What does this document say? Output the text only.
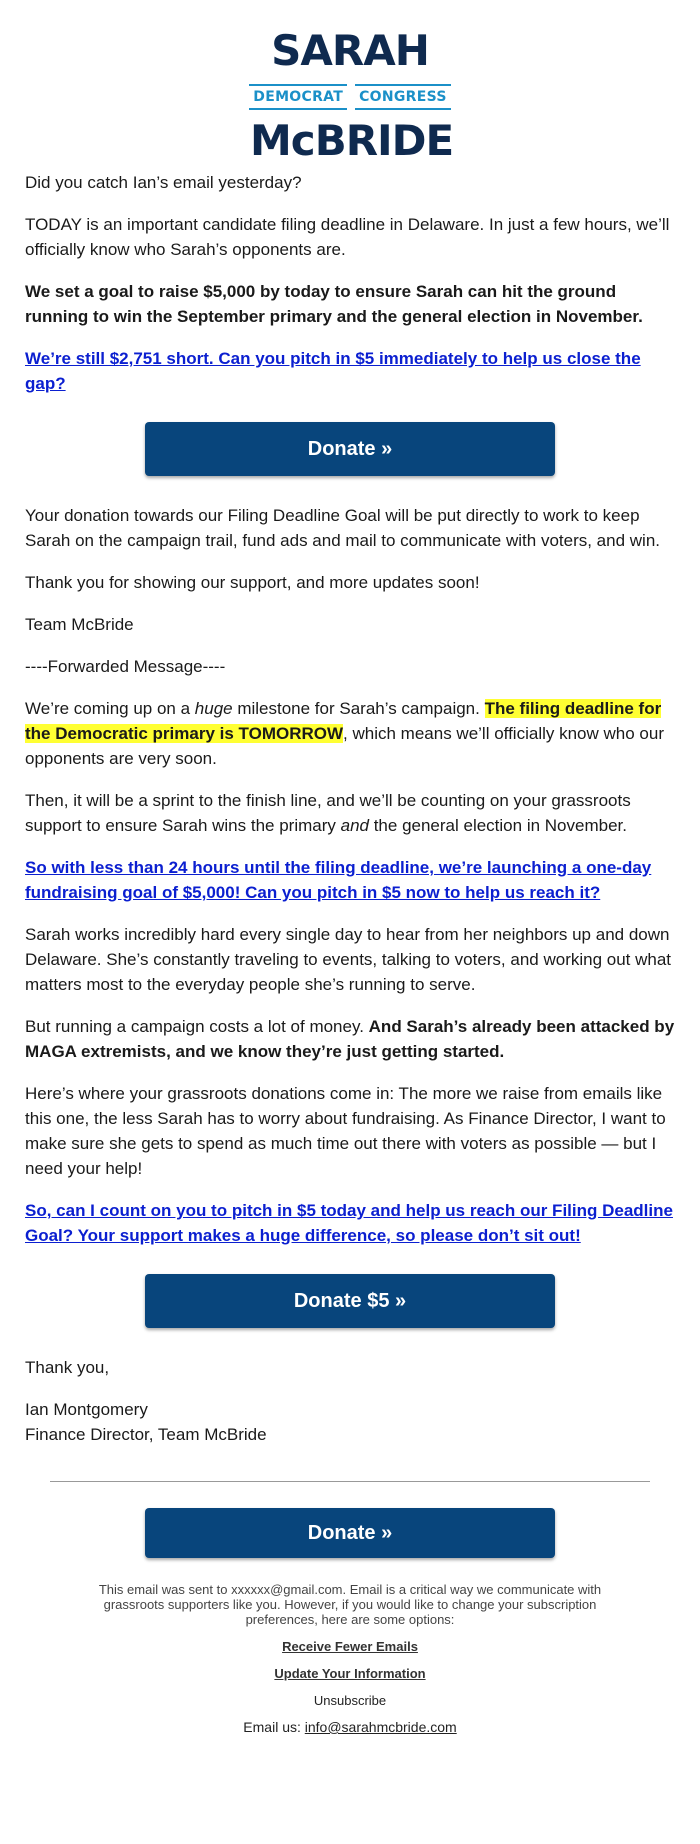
SARAH
DEMOCRAT CONGRESS
McBRIDE

Did you catch Ian’s email yesterday?

TODAY is an important candidate filing deadline in Delaware. In just a few hours, we’ll officially know who Sarah’s opponents are.

We set a goal to raise $5,000 by today to ensure Sarah can hit the ground running to win the September primary and the general election in November.

We’re still $2,751 short. Can you pitch in $5 immediately to help us close the gap?
Donate »

Your donation towards our Filing Deadline Goal will be put directly to work to keep Sarah on the campaign trail, fund ads and mail to communicate with voters, and win.

Thank you for showing our support, and more updates soon!

Team McBride

----Forwarded Message----

We’re coming up on a huge milestone for Sarah’s campaign. The filing deadline for the Democratic primary is TOMORROW, which means we’ll officially know who our opponents are very soon.

Then, it will be a sprint to the finish line, and we’ll be counting on your grassroots support to ensure Sarah wins the primary and the general election in November.

So with less than 24 hours until the filing deadline, we’re launching a one-day fundraising goal of $5,000! Can you pitch in $5 now to help us reach it?

Sarah works incredibly hard every single day to hear from her neighbors up and down Delaware. She’s constantly traveling to events, talking to voters, and working out what matters most to the everyday people she’s running to serve.

But running a campaign costs a lot of money. And Sarah’s already been attacked by MAGA extremists, and we know they’re just getting started.

Here’s where your grassroots donations come in: The more we raise from emails like this one, the less Sarah has to worry about fundraising. As Finance Director, I want to make sure she gets to spend as much time out there with voters as possible — but I need your help!

So, can I count on you to pitch in $5 today and help us reach our Filing Deadline Goal? Your support makes a huge difference, so please don’t sit out!
Donate $5 »

Thank you,

Ian Montgomery
Finance Director, Team McBride
Donate »
This email was sent to xxxxxx@gmail.com. Email is a critical way we communicate with grassroots supporters like you. However, if you would like to change your subscription preferences, here are some options:
Receive Fewer Emails
Update Your Information
Unsubscribe
Email us: info@sarahmcbride.com
